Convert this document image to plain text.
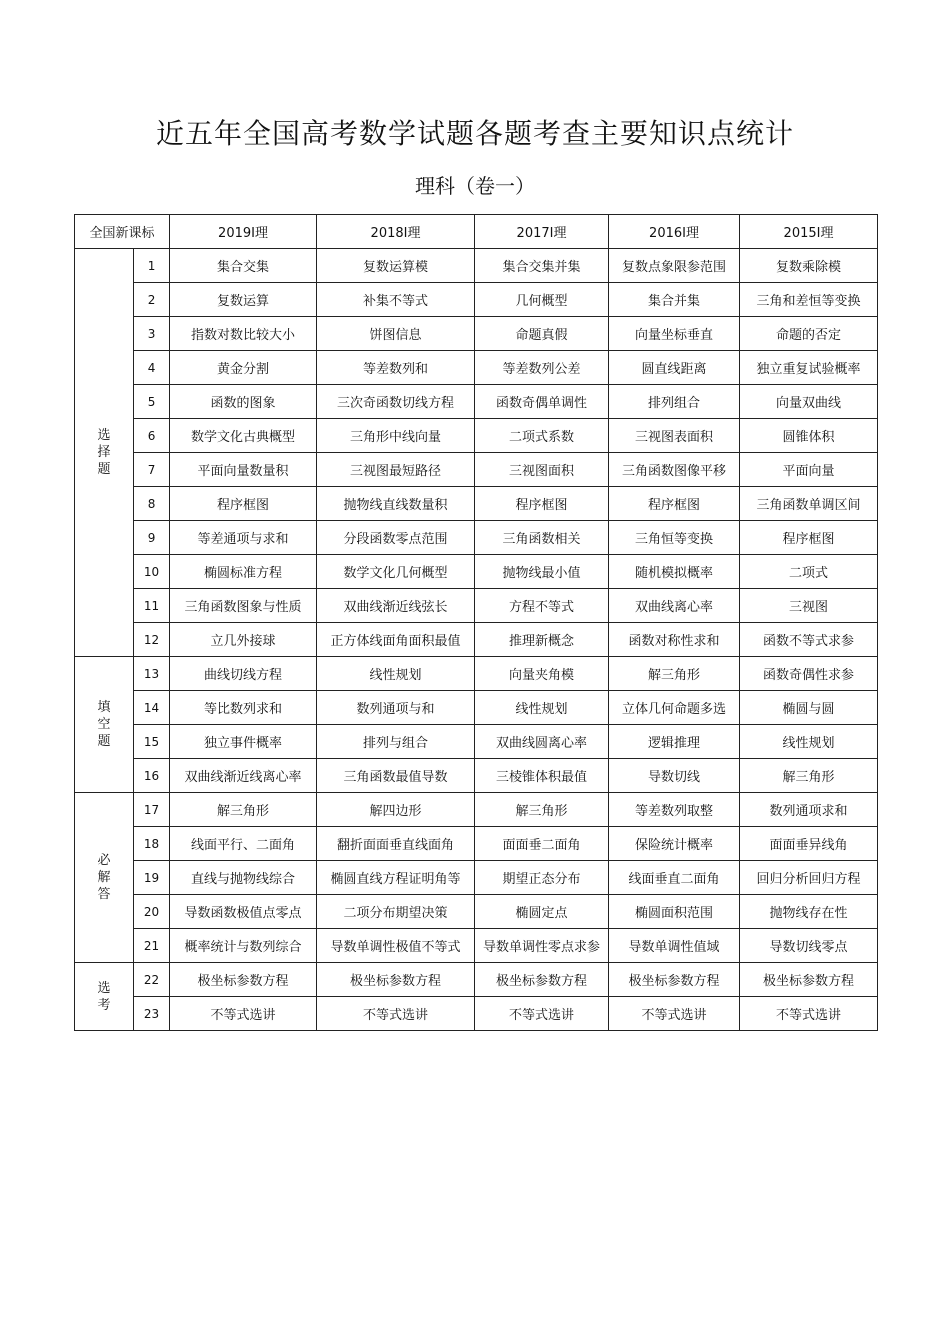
近五年全国高考数学试题各题考查主要知识点统计
理科（卷一）
全国新课标		2019Ⅰ理	2018Ⅰ理	2017Ⅰ理	2016Ⅰ理	2015Ⅰ理

选
择
题	1	集合交集	复数运算模	集合交集并集	复数点象限参范围	复数乘除模
	2	复数运算	补集不等式	几何概型	集合并集	三角和差恒等变换
	3	指数对数比较大小	饼图信息	命题真假	向量坐标垂直	命题的否定
	4	黄金分割	等差数列和	等差数列公差	圆直线距离	独立重复试验概率
	5	函数的图象	三次奇函数切线方程	函数奇偶单调性	排列组合	向量双曲线
	6	数学文化古典概型	三角形中线向量	二项式系数	三视图表面积	圆锥体积
	7	平面向量数量积	三视图最短路径	三视图面积	三角函数图像平移	平面向量
	8	程序框图	抛物线直线数量积	程序框图	程序框图	三角函数单调区间
	9	等差通项与求和	分段函数零点范围	三角函数相关	三角恒等变换	程序框图
	10	椭圆标准方程	数学文化几何概型	抛物线最小值	随机模拟概率	二项式
	11	三角函数图象与性质	双曲线渐近线弦长	方程不等式	双曲线离心率	三视图
	12	立几外接球	正方体线面角面积最值	推理新概念	函数对称性求和	函数不等式求参

填
空
题	13	曲线切线方程	线性规划	向量夹角模	解三角形	函数奇偶性求参
	14	等比数列求和	数列通项与和	线性规划	立体几何命题多选	椭圆与圆
	15	独立事件概率	排列与组合	双曲线圆离心率	逻辑推理	线性规划
	16	双曲线渐近线离心率	三角函数最值导数	三棱锥体积最值	导数切线	解三角形

必
解
答	17	解三角形	解四边形	解三角形	等差数列取整	数列通项求和
	18	线面平行、二面角	翻折面面垂直线面角	面面垂二面角	保险统计概率	面面垂异线角
	19	直线与抛物线综合	椭圆直线方程证明角等	期望正态分布	线面垂直二面角	回归分析回归方程
	20	导数函数极值点零点	二项分布期望决策	椭圆定点	椭圆面积范围	抛物线存在性
	21	概率统计与数列综合	导数单调性极值不等式	导数单调性零点求参	导数单调性值域	导数切线零点

选
考	22	极坐标参数方程	极坐标参数方程	极坐标参数方程	极坐标参数方程	极坐标参数方程
	23	不等式选讲	不等式选讲	不等式选讲	不等式选讲	不等式选讲
